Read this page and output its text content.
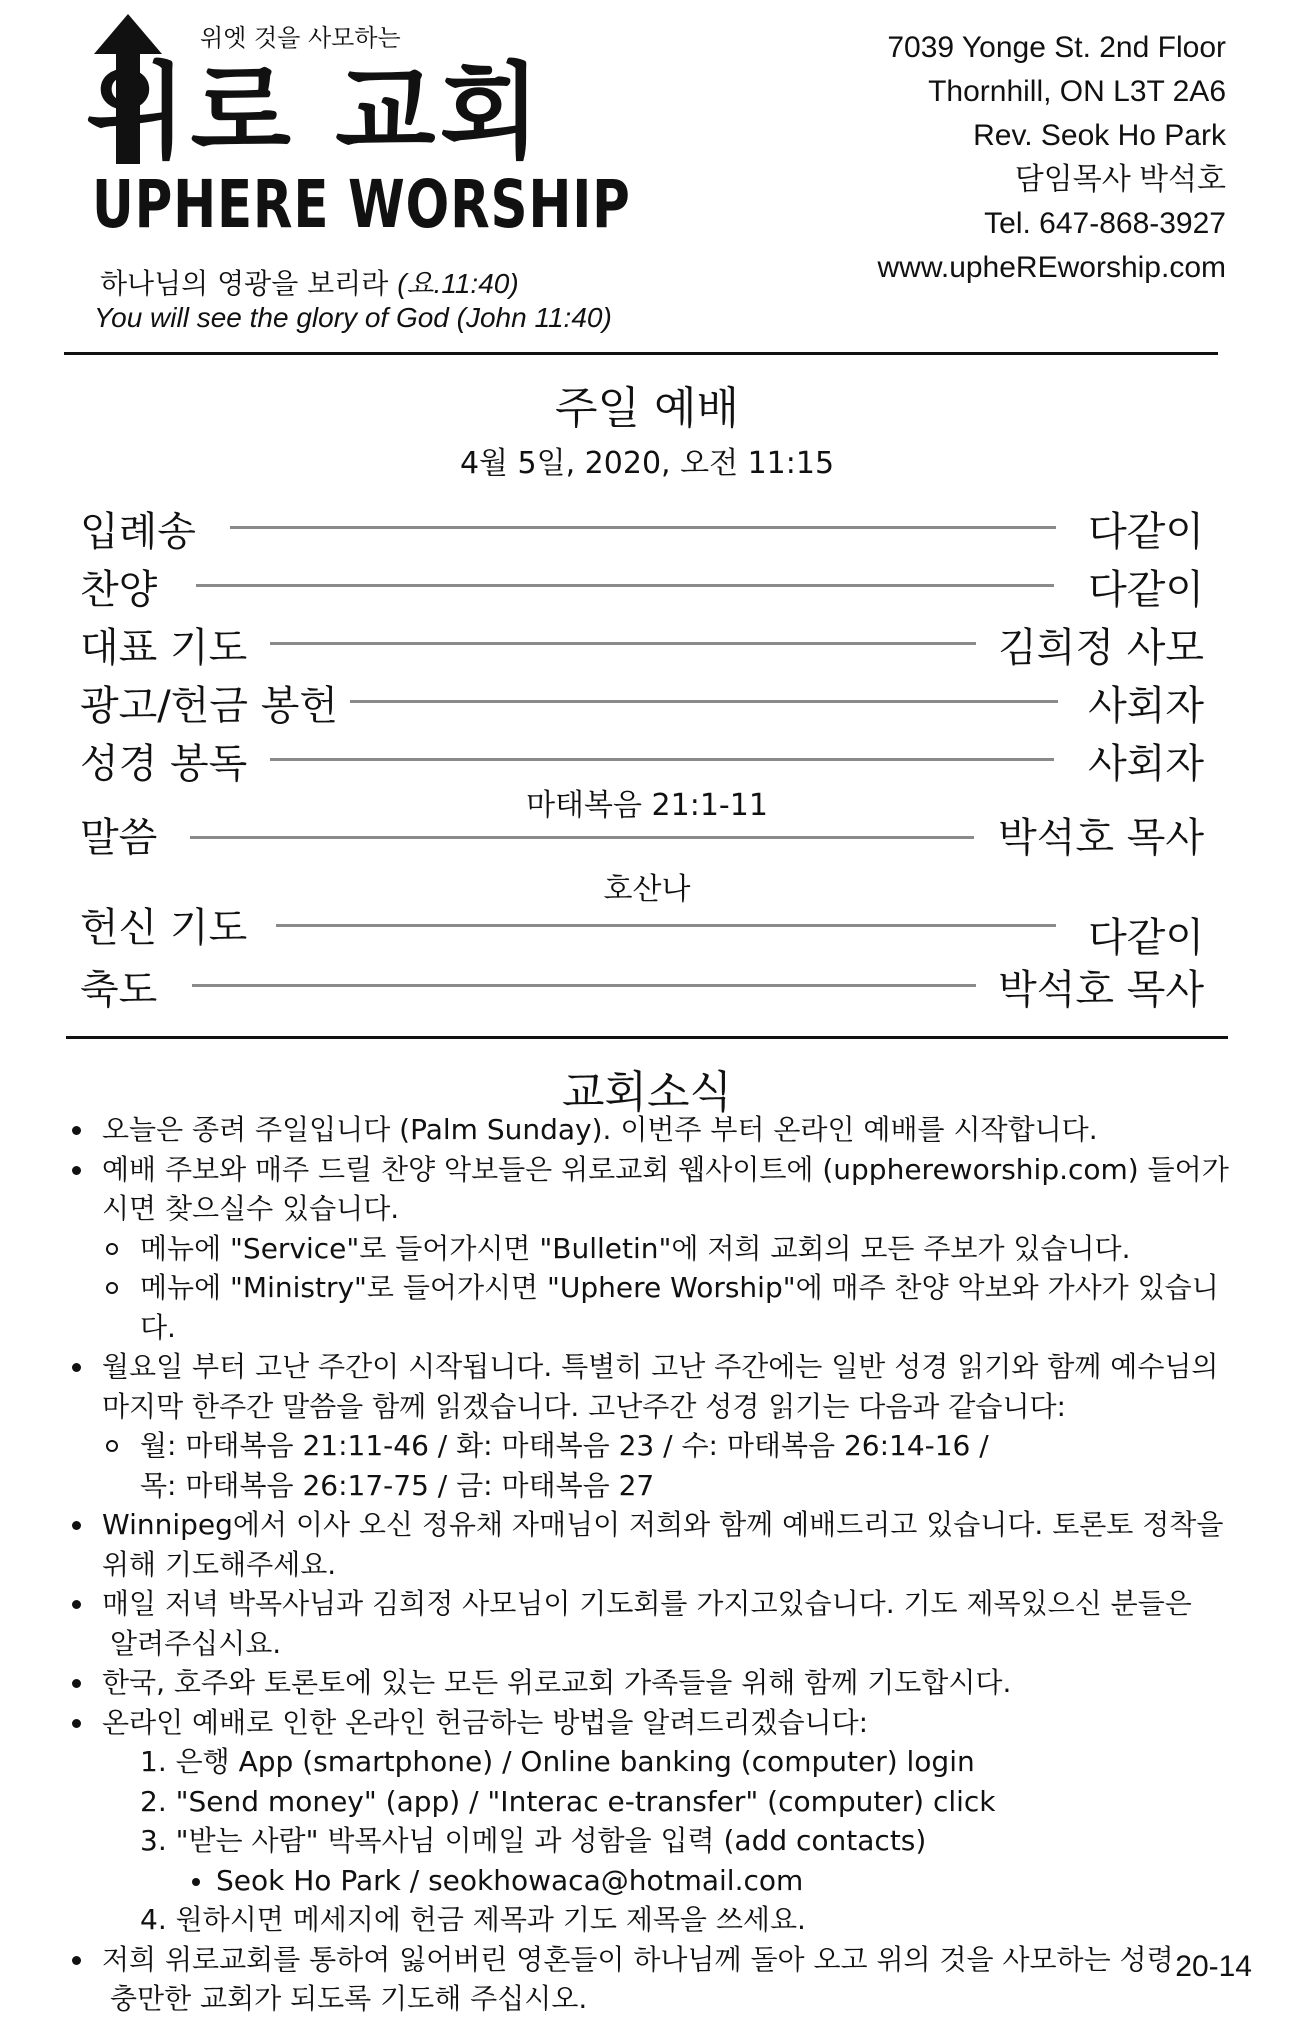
위엣 것을 사모하는
위로 교회
UPHERE WORSHIP
하나님의 영광을 보리라 (요.11:40)
You will see the glory of God (John 11:40)
7039 Yonge St. 2nd Floor
Thornhill, ON L3T 2A6
Rev. Seok Ho Park
담임목사 박석호
Tel. 647-868-3927
www.upheREworship.com
주일 예배
4월 5일, 2020, 오전 11:15
입례송	다같이
찬양	다같이
대표 기도	김희정 사모
광고/헌금 봉헌	사회자
성경 봉독	사회자
마태복음 21:1-11
말씀	박석호 목사
호산나
헌신 기도	다같이
축도	박석호 목사
교회소식
오늘은 종려 주일입니다 (Palm Sunday). 이번주 부터 온라인 예배를 시작합니다.
예배 주보와 매주 드릴 찬양 악보들은 위로교회 웹사이트에 (upphereworship.com) 들어가시면 찾으실수 있습니다.
메뉴에 "Service"로 들어가시면 "Bulletin"에 저희 교회의 모든 주보가 있습니다.
메뉴에 "Ministry"로 들어가시면 "Uphere Worship"에 매주 찬양 악보와 가사가 있습니다.
월요일 부터 고난 주간이 시작됩니다. 특별히 고난 주간에는 일반 성경 읽기와 함께 예수님의 마지막 한주간 말씀을 함께 읽겠습니다. 고난주간 성경 읽기는 다음과 같습니다:
월: 마태복음 21:11-46 / 화: 마태복음 23 / 수: 마태복음 26:14-16 /
목: 마태복음 26:17-75 / 금: 마태복음 27
Winnipeg에서 이사 오신 정유채 자매님이 저희와 함께 예배드리고 있습니다. 토론토 정착을 위해 기도해주세요.
매일 저녁 박목사님과 김희정 사모님이 기도회를 가지고있습니다. 기도 제목있으신 분들은
알려주십시요.
한국, 호주와 토론토에 있는 모든 위로교회 가족들을 위해 함께 기도합시다.
온라인 예배로 인한 온라인 헌금하는 방법을 알려드리겠습니다:
1. 은행 App (smartphone) / Online banking (computer) login
2. "Send money" (app) / "Interac e-transfer" (computer) click
3. "받는 사람" 박목사님 이메일 과 성함을 입력 (add contacts)
Seok Ho Park / seokhowaca@hotmail.com
4. 원하시면 메세지에 헌금 제목과 기도 제목을 쓰세요.
저희 위로교회를 통하여 잃어버린 영혼들이 하나님께 돌아 오고 위의 것을 사모하는 성령
충만한 교회가 되도록 기도해 주십시오.
20-14
